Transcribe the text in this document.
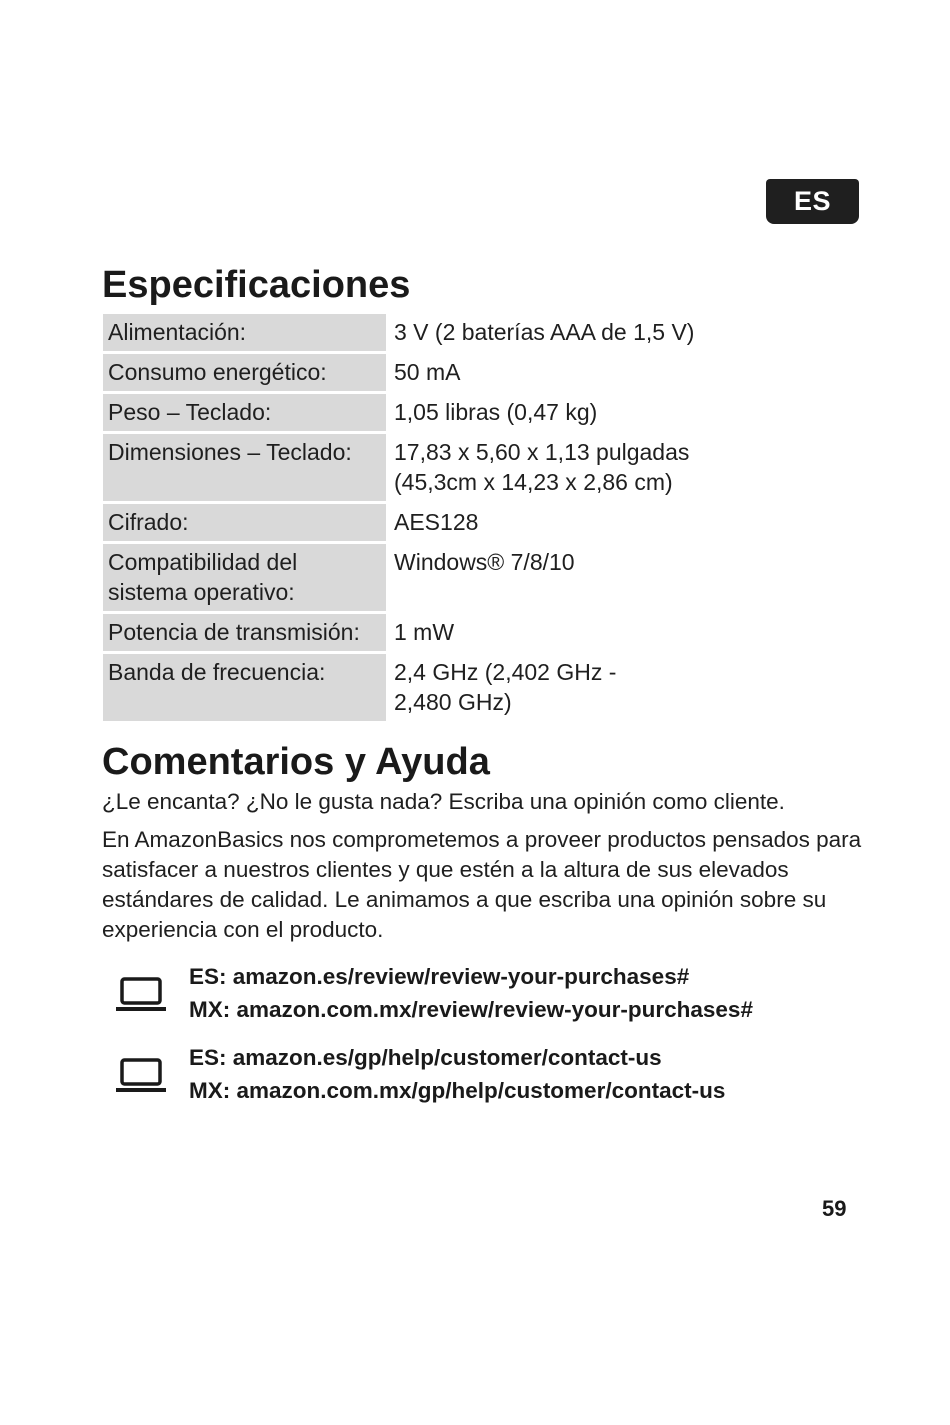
ES
Especificaciones
Alimentación:	3 V (2 baterías AAA de 1,5 V)

Consumo energético:	50 mA

Peso – Teclado:	1,05 libras (0,47 kg)

Dimensiones – Teclado:	17,83 x 5,60 x 1,13 pulgadas
(45,3cm x 14,23 x 2,86 cm)

Cifrado:	AES128

Compatibilidad del sistema operativo:	Windows® 7/8/10

Potencia de transmisión:	1 mW

Banda de frecuencia:	2,4 GHz (2,402 GHz -
2,480 GHz)
Comentarios y Ayuda

¿Le encanta? ¿No le gusta nada? Escriba una opinión como cliente.

En AmazonBasics nos comprometemos a proveer productos pensados para satisfacer a nuestros clientes y que estén a la altura de sus elevados estándares de calidad. Le animamos a que escriba una opinión sobre su experiencia con el producto.

ES: amazon.es/review/review-your-purchases#
MX: amazon.com.mx/review/review-your-purchases#
ES: amazon.es/gp/help/customer/contact-us
MX: amazon.com.mx/gp/help/customer/contact-us
59
